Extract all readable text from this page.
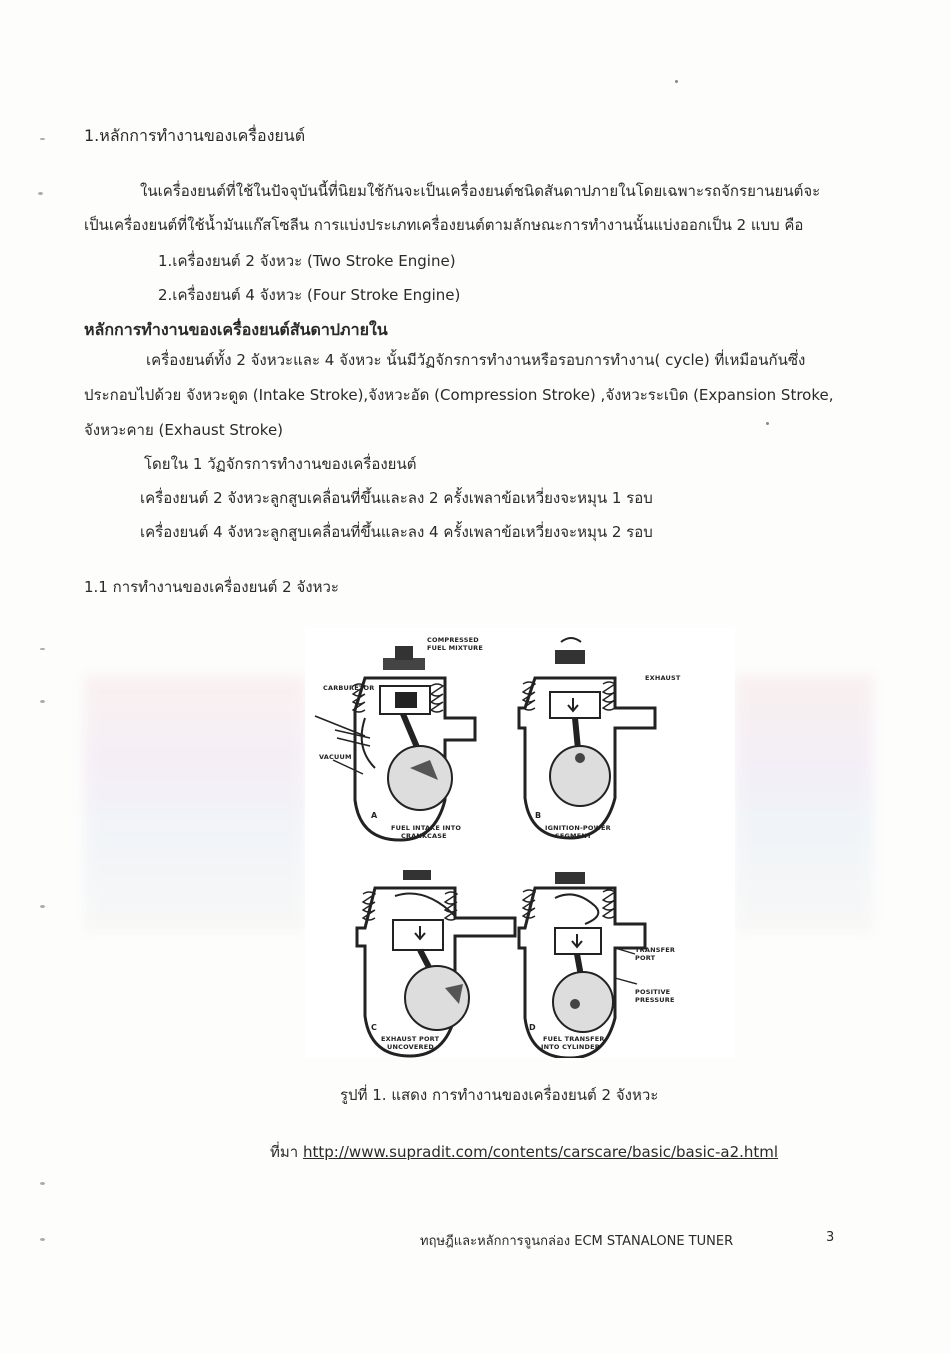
1.หลักการทำงานของเครื่องยนต์
ในเครื่องยนต์ที่ใช้ในปัจจุบันนี้ที่นิยมใช้กันจะเป็นเครื่องยนต์ชนิดสันดาปภายในโดยเฉพาะรถจักรยานยนต์จะ
เป็นเครื่องยนต์ที่ใช้น้ำมันแก๊สโซลีน การแบ่งประเภทเครื่องยนต์ตามลักษณะการทำงานนั้นแบ่งออกเป็น 2 แบบ คือ
1.เครื่องยนต์ 2 จังหวะ (Two Stroke Engine)
2.เครื่องยนต์ 4 จังหวะ (Four Stroke Engine)
หลักการทำงานของเครื่องยนต์สันดาปภายใน
เครื่องยนต์ทั้ง 2 จังหวะและ 4 จังหวะ นั้นมีวัฏจักรการทำงานหรือรอบการทำงาน( cycle) ที่เหมือนกันซึ่ง
ประกอบไปด้วย จังหวะดูด (Intake Stroke),จังหวะอัด (Compression Stroke) ,จังหวะระเบิด (Expansion Stroke,
จังหวะคาย (Exhaust Stroke)
โดยใน 1 วัฏจักรการทำงานของเครื่องยนต์
เครื่องยนต์ 2 จังหวะลูกสูบเคลื่อนที่ขึ้นและลง 2 ครั้งเพลาข้อเหวี่ยงจะหมุน 1 รอบ
เครื่องยนต์ 4 จังหวะลูกสูบเคลื่อนที่ขึ้นและลง 4 ครั้งเพลาข้อเหวี่ยงจะหมุน 2 รอบ
1.1 การทำงานของเครื่องยนต์ 2 จังหวะ
COMPRESSED
FUEL MIXTURE
CARBURETOR
VACUUM
A
FUEL INTAKE INTO
CRANKCASE
EXHAUST
B
IGNITION-POWER
SEGMENT
C
EXHAUST PORT
UNCOVERED
TRANSFER
PORT
POSITIVE
PRESSURE
D
FUEL TRANSFER
INTO CYLINDER
รูปที่ 1. แสดง การทำงานของเครื่องยนต์ 2 จังหวะ
ที่มา http://www.supradit.com/contents/carscare/basic/basic-a2.html
ทฤษฎีและหลักการจูนกล่อง ECM STANALONE TUNER	3
